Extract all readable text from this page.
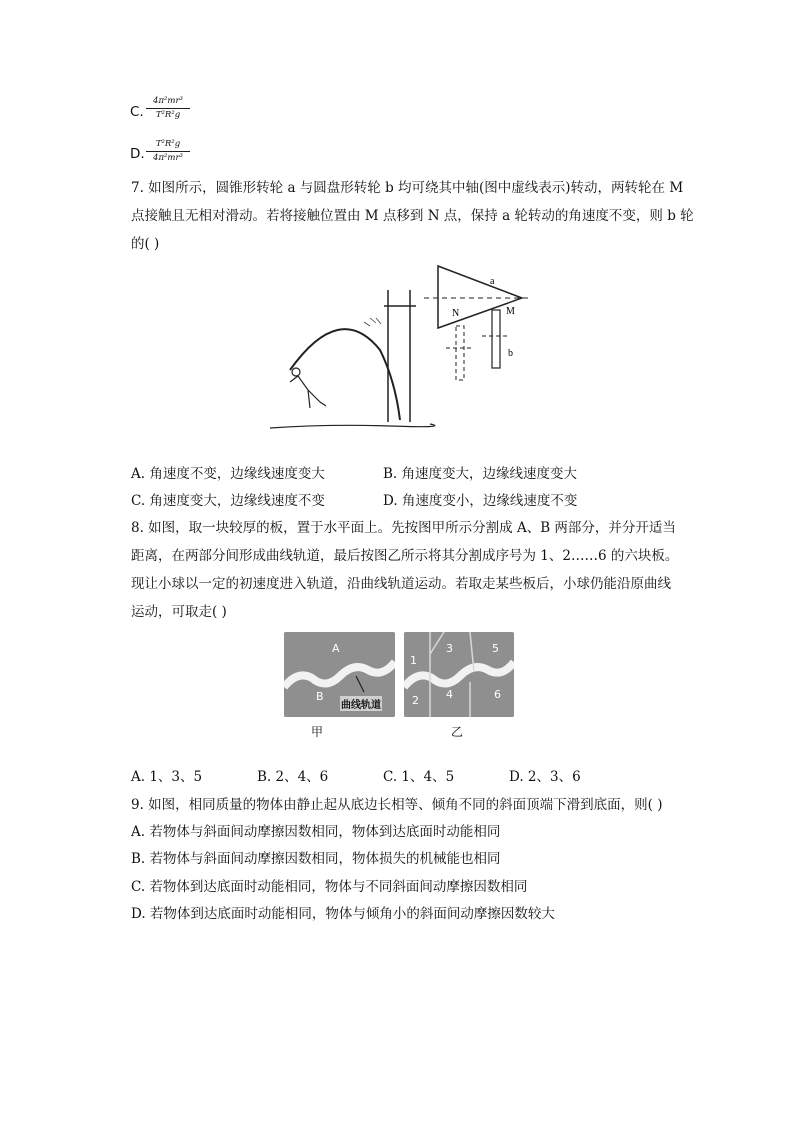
C. $\frac{\text{4π²mr³}}{\text{T²R²g}}$
D. $\frac{\text{T²R²g}}{\text{4π²mr³}}$
7. 如图所示，圆锥形转轮 a 与圆盘形转轮 b 均可绕其中轴(图中虚线表示)转动，两转轮在 M
点接触且无相对滑动。若将接触位置由 M 点移到 N 点，保持 a 轮转动的角速度不变，则 b 轮
的( )
a
M
N
b
A. 角速度不变，边缘线速度变大	B. 角速度变大，边缘线速度变大
C. 角速度变大，边缘线速度不变	D. 角速度变小，边缘线速度不变
8. 如图，取一块较厚的板，置于水平面上。先按图甲所示分割成 A、B 两部分，并分开适当
距离，在两部分间形成曲线轨道，最后按图乙所示将其分割成序号为 1、2……6 的六块板。
现让小球以一定的初速度进入轨道，沿曲线轨道运动。若取走某些板后，小球仍能沿原曲线
运动，可取走( )
A
B
曲线轨道
甲
1
2
3
4
5
6
乙
A. 1、3、5	B. 2、4、6	C. 1、4、5	D. 2、3、6
9. 如图，相同质量的物体由静止起从底边长相等、倾角不同的斜面顶端下滑到底面，则( )
A. 若物体与斜面间动摩擦因数相同，物体到达底面时动能相同
B. 若物体与斜面间动摩擦因数相同，物体损失的机械能也相同
C. 若物体到达底面时动能相同，物体与不同斜面间动摩擦因数相同
D. 若物体到达底面时动能相同，物体与倾角小的斜面间动摩擦因数较大
